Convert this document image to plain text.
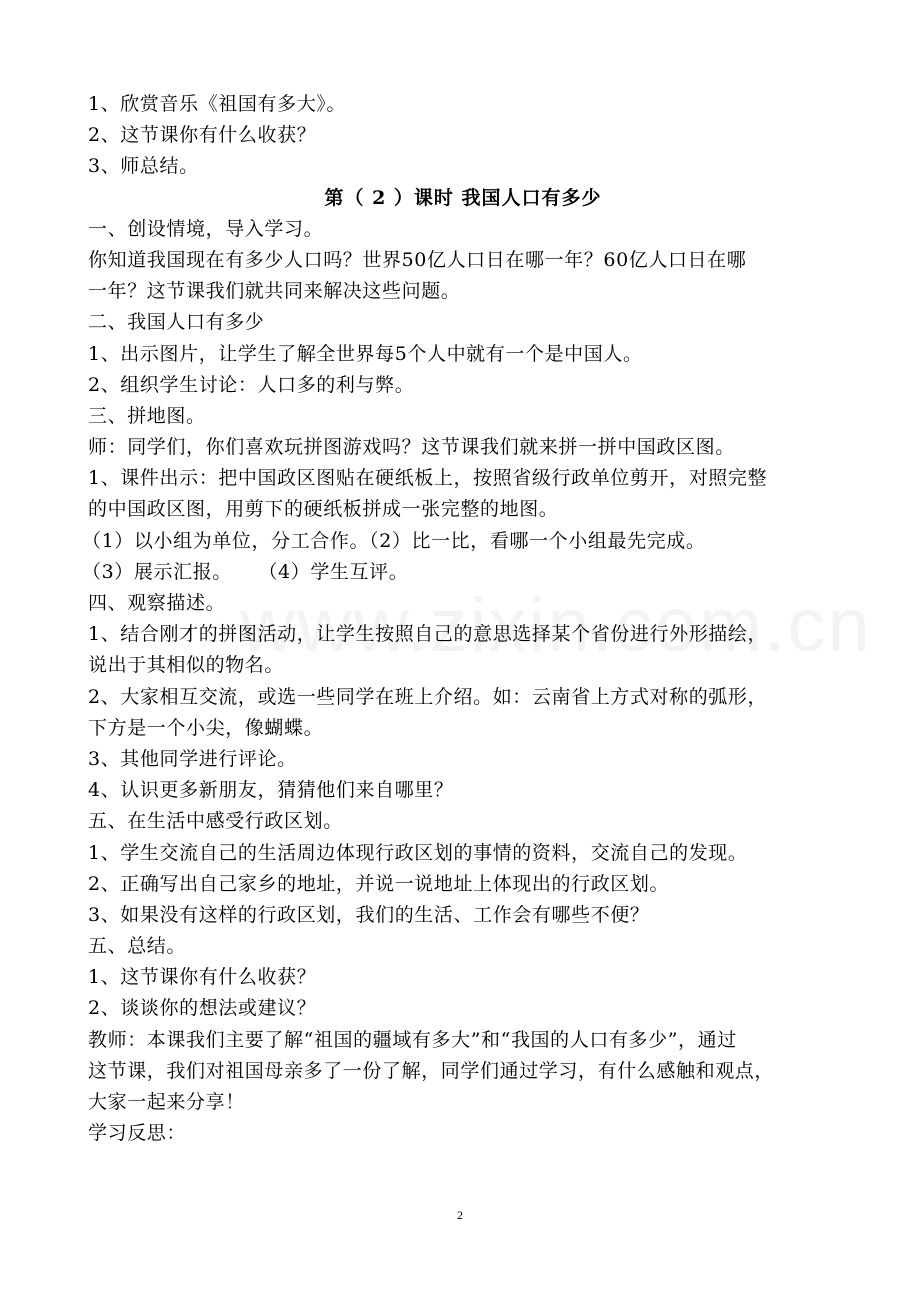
1、欣赏音乐《祖国有多大》。
2、这节课你有什么收获？
3、师总结。
第（ 2 ）课时 我国人口有多少
一、创设情境，导入学习。
你知道我国现在有多少人口吗？世界50亿人口日在哪一年？60亿人口日在哪
一年？这节课我们就共同来解决这些问题。
二、我国人口有多少
1、出示图片，让学生了解全世界每5个人中就有一个是中国人。
2、组织学生讨论：人口多的利与弊。
三、拼地图。
师：同学们，你们喜欢玩拼图游戏吗？这节课我们就来拼一拼中国政区图。
1、课件出示：把中国政区图贴在硬纸板上，按照省级行政单位剪开，对照完整
的中国政区图，用剪下的硬纸板拼成一张完整的地图。
（1）以小组为单位，分工合作。（2）比一比，看哪一个小组最先完成。
（3）展示汇报。    （4）学生互评。
四、观察描述。
1、结合刚才的拼图活动，让学生按照自己的意思选择某个省份进行外形描绘，
说出于其相似的物名。
2、大家相互交流，或选一些同学在班上介绍。如：云南省上方式对称的弧形，
下方是一个小尖，像蝴蝶。
3、其他同学进行评论。
4、认识更多新朋友，猜猜他们来自哪里？
五、在生活中感受行政区划。
1、学生交流自己的生活周边体现行政区划的事情的资料，交流自己的发现。
2、正确写出自己家乡的地址，并说一说地址上体现出的行政区划。
3、如果没有这样的行政区划，我们的生活、工作会有哪些不便？
五、总结。
1、这节课你有什么收获？
2、谈谈你的想法或建议？
教师：本课我们主要了解“祖国的疆域有多大”和“我国的人口有多少”，通过
这节课，我们对祖国母亲多了一份了解，同学们通过学习，有什么感触和观点，
大家一起来分享！
学习反思：
2
